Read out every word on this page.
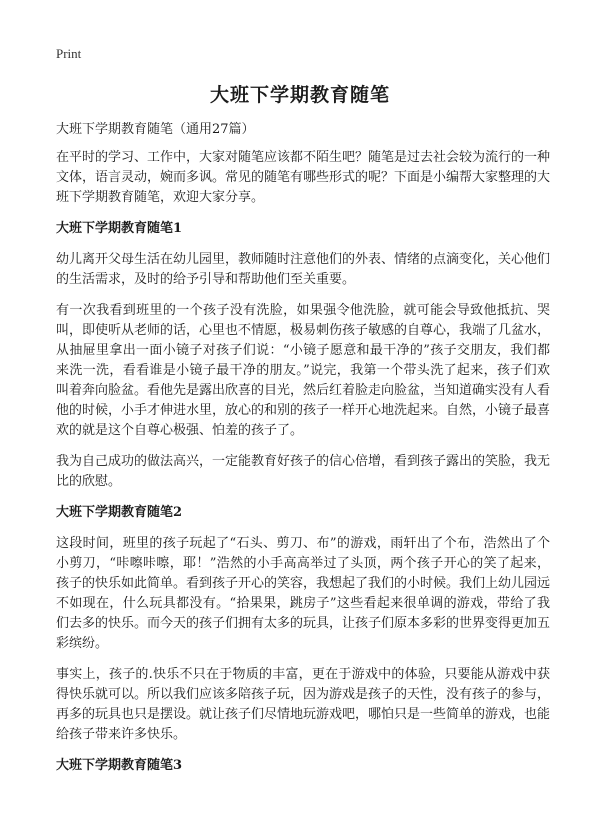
Print
大班下学期教育随笔

大班下学期教育随笔（通用27篇）

在平时的学习、工作中，大家对随笔应该都不陌生吧？随笔是过去社会较为流行的一种文体，语言灵动，婉而多讽。常见的随笔有哪些形式的呢？下面是小编帮大家整理的大班下学期教育随笔，欢迎大家分享。

大班下学期教育随笔1

幼儿离开父母生活在幼儿园里，教师随时注意他们的外表、情绪的点滴变化，关心他们的生活需求，及时的给予引导和帮助他们至关重要。

有一次我看到班里的一个孩子没有洗脸，如果强令他洗脸，就可能会导致他抵抗、哭叫，即使听从老师的话，心里也不情愿，极易刺伤孩子敏感的自尊心，我端了几盆水，从抽屉里拿出一面小镜子对孩子们说：“小镜子愿意和最干净的”孩子交朋友，我们都来洗一洗，看看谁是小镜子最干净的朋友。”说完，我第一个带头洗了起来，孩子们欢叫着奔向脸盆。看他先是露出欣喜的目光，然后红着脸走向脸盆，当知道确实没有人看他的时候，小手才伸进水里，放心的和别的孩子一样开心地洗起来。自然，小镜子最喜欢的就是这个自尊心极强、怕羞的孩子了。

我为自己成功的做法高兴，一定能教育好孩子的信心倍增，看到孩子露出的笑脸，我无比的欣慰。

大班下学期教育随笔2

这段时间，班里的孩子玩起了“石头、剪刀、布”的游戏，雨轩出了个布，浩然出了个小剪刀，“咔嚓咔嚓，耶！”浩然的小手高高举过了头顶，两个孩子开心的笑了起来，孩子的快乐如此简单。看到孩子开心的笑容，我想起了我们的小时候。我们上幼儿园远不如现在，什么玩具都没有。“拾果果，跳房子”这些看起来很单调的游戏，带给了我们去多的快乐。而今天的孩子们拥有太多的玩具，让孩子们原本多彩的世界变得更加五彩缤纷。

事实上，孩子的.快乐不只在于物质的丰富，更在于游戏中的体验，只要能从游戏中获得快乐就可以。所以我们应该多陪孩子玩，因为游戏是孩子的天性，没有孩子的参与，再多的玩具也只是摆设。就让孩子们尽情地玩游戏吧，哪怕只是一些简单的游戏，也能给孩子带来许多快乐。

大班下学期教育随笔3
